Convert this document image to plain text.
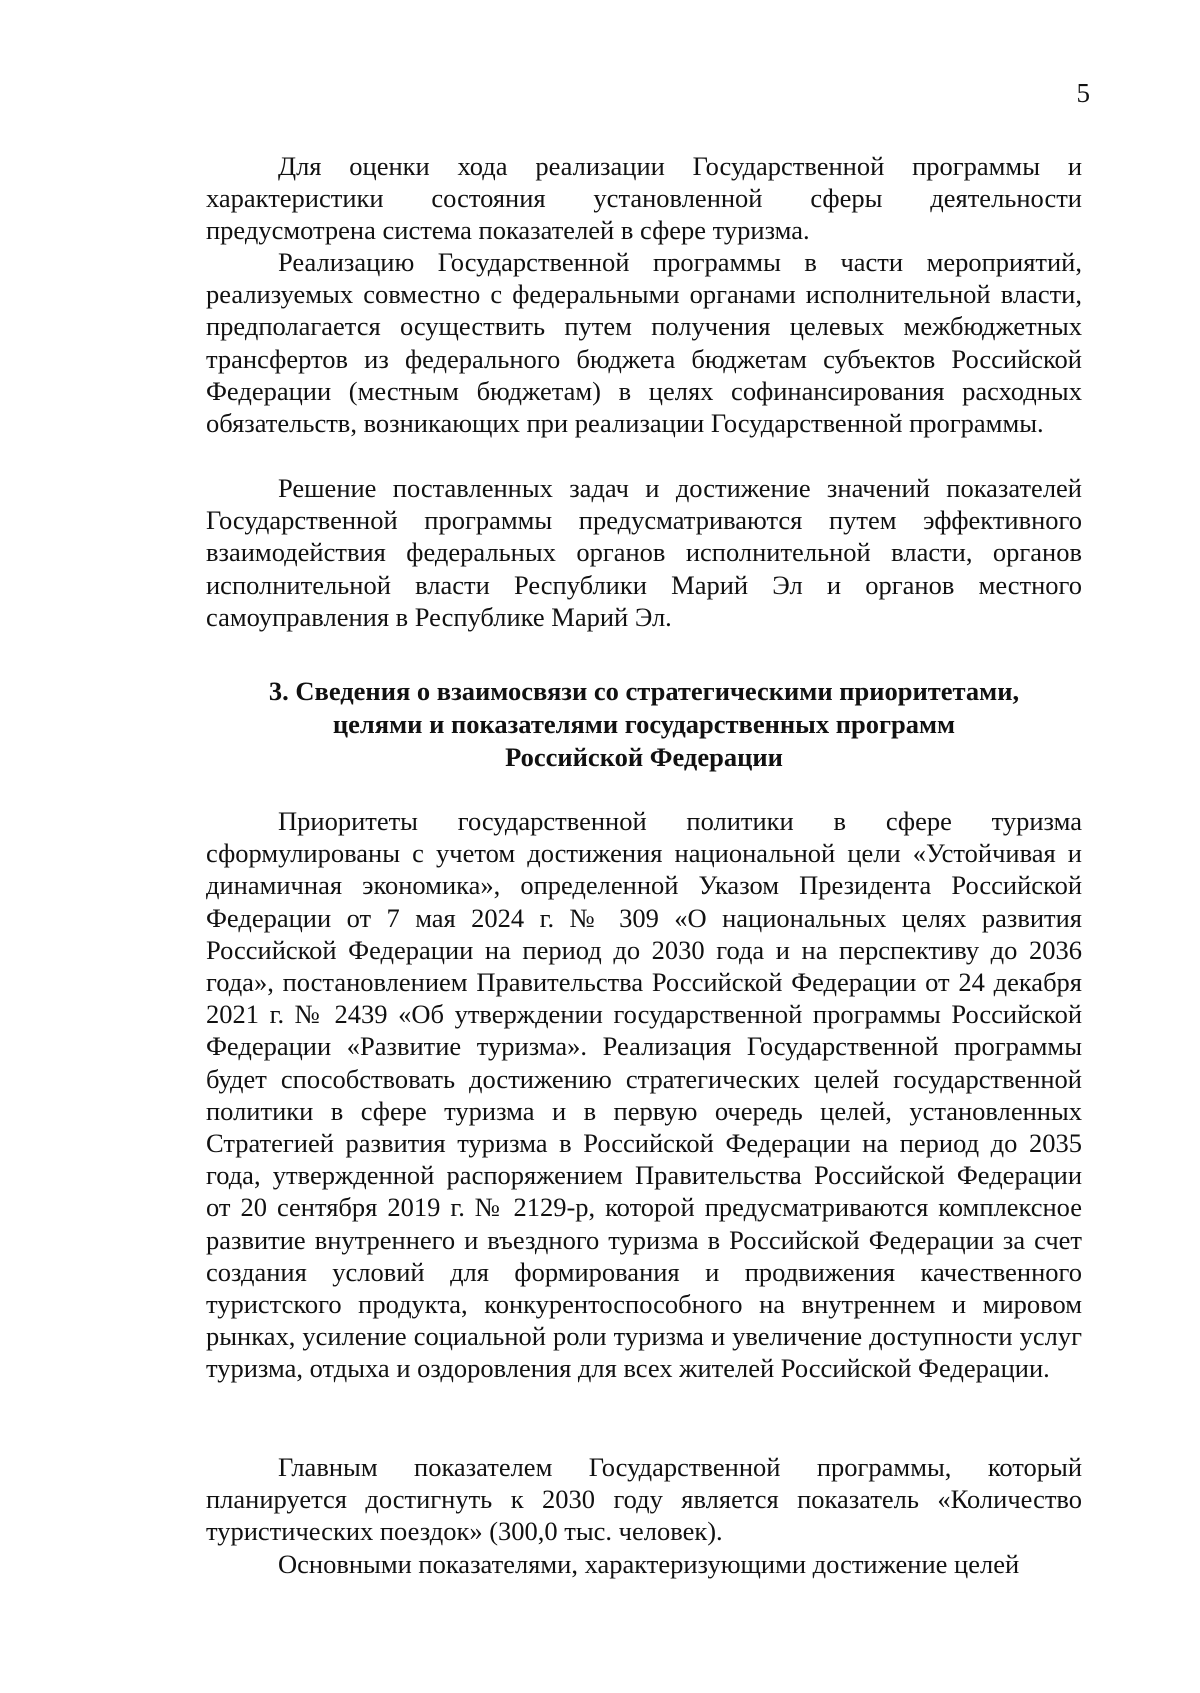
5

Для оценки хода реализации Государственной программы и характеристики состояния установленной сферы деятельности предусмотрена система показателей в сфере туризма.

Реализацию Государственной программы в части мероприятий, реализуемых совместно с федеральными органами исполнительной власти, предполагается осуществить путем получения целевых межбюджетных трансфертов из федерального бюджета бюджетам субъектов Российской Федерации (местным бюджетам) в целях софинансирования расходных обязательств, возникающих при реализации Государственной программы.

Решение поставленных задач и достижение значений показателей Государственной программы предусматриваются путем эффективного взаимодействия федеральных органов исполнительной власти, органов исполнительной власти Республики Марий Эл и органов местного самоуправления в Республике Марий Эл.

3. Сведения о взаимосвязи со стратегическими приоритетами,
целями и показателями государственных программ
Российской Федерации

Приоритеты государственной политики в сфере туризма сформулированы с учетом достижения национальной цели «Устойчивая и динамичная экономика», определенной Указом Президента Российской Федерации от 7 мая 2024 г. № 309 «О национальных целях развития Российской Федерации на период до 2030 года и на перспективу до 2036 года», постановлением Правительства Российской Федерации от 24 декабря 2021 г. № 2439 «Об утверждении государственной программы Российской Федерации «Развитие туризма». Реализация Государственной программы будет способствовать достижению стратегических целей государственной политики в сфере туризма и в первую очередь целей, установленных Стратегией развития туризма в Российской Федерации на период до 2035 года, утвержденной распоряжением Правительства Российской Федерации от 20 сентября 2019 г. № 2129-р, которой предусматриваются комплексное развитие внутреннего и въездного туризма в Российской Федерации за счет создания условий для формирования и продвижения качественного туристского продукта, конкурентоспособного на внутреннем и мировом рынках, усиление социальной роли туризма и увеличение доступности услуг туризма, отдыха и оздоровления для всех жителей Российской Федерации.

Главным показателем Государственной программы, который планируется достигнуть к 2030 году является показатель «Количество туристических поездок» (300,0 тыс. человек).

Основными показателями, характеризующими достижение целей
